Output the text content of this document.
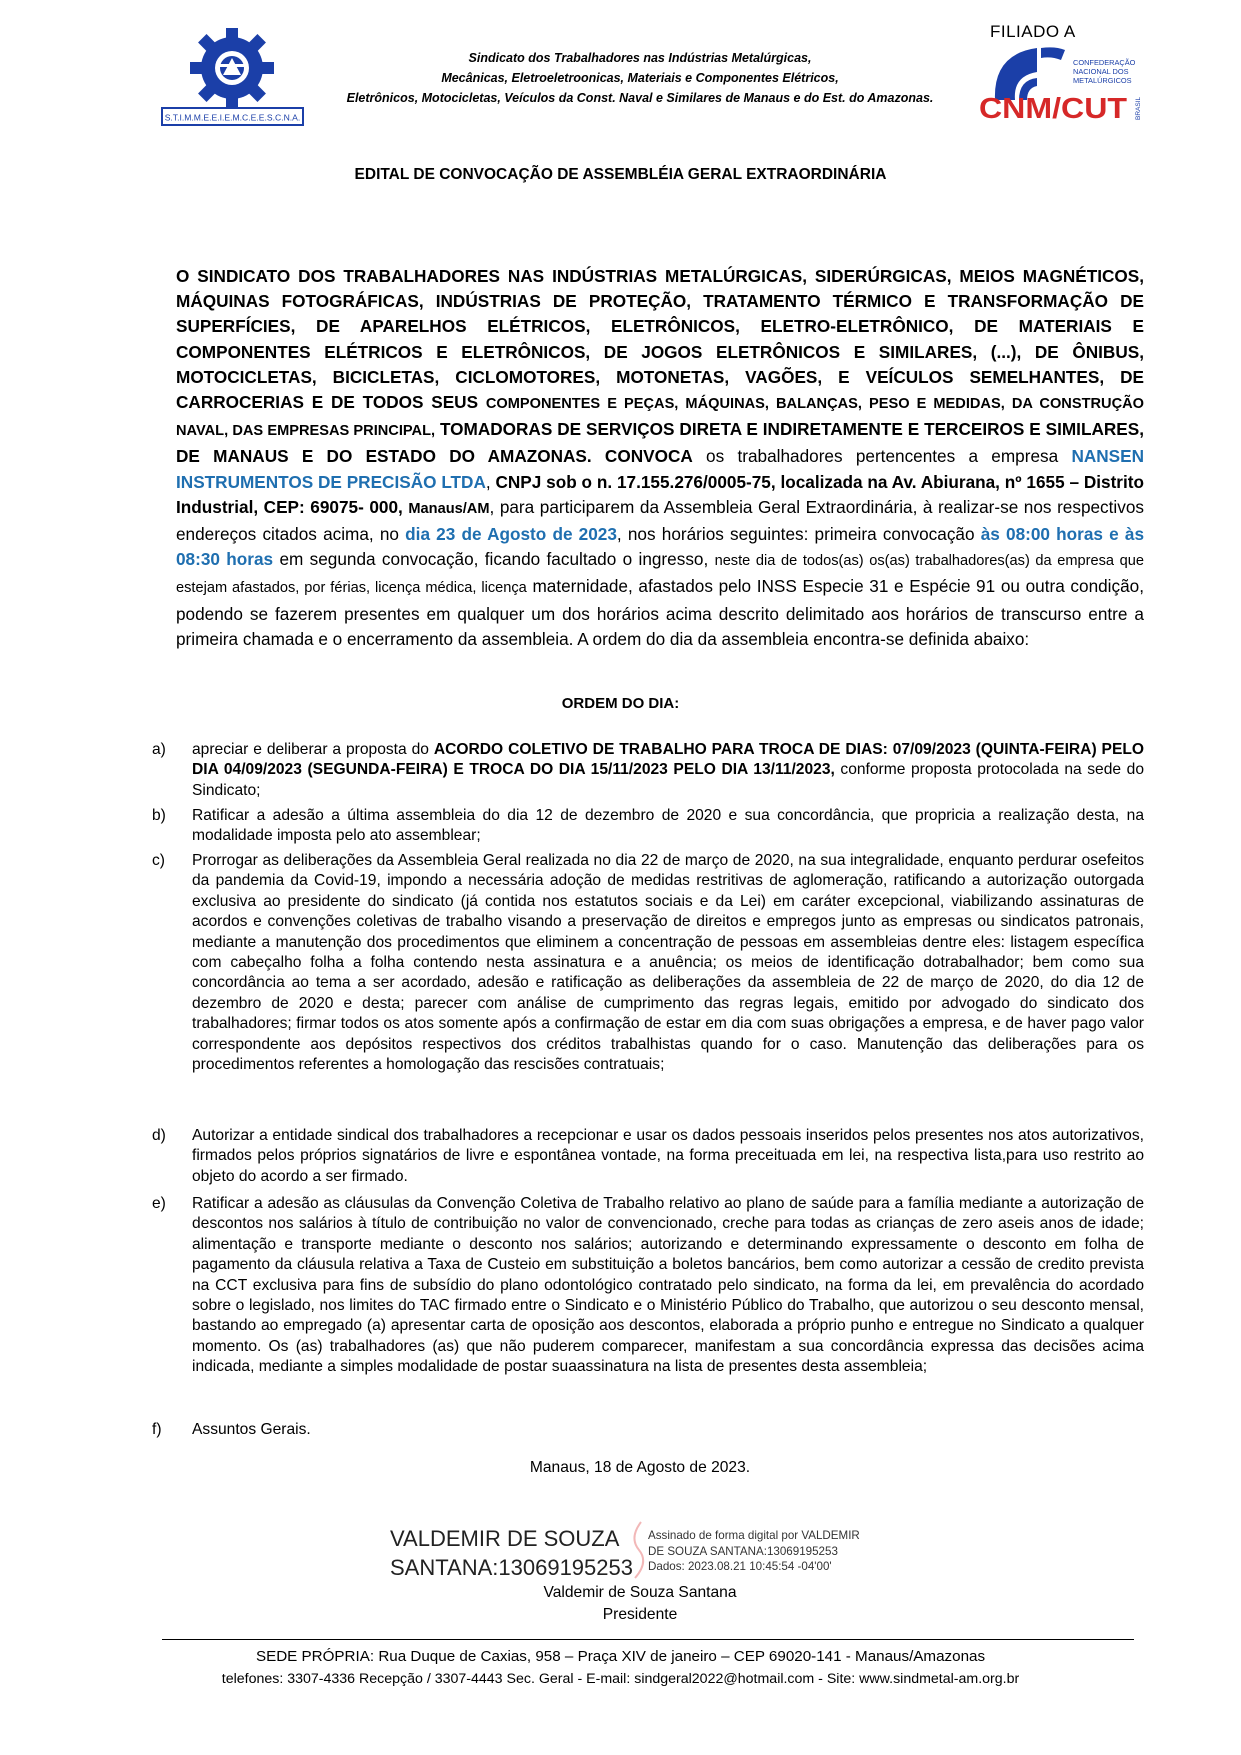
S.T.I.M.M.E.E.I.E.M.C.E.E.S.C.N.A.
Sindicato dos Trabalhadores nas Indústrias Metalúrgicas,
Mecânicas, Eletroeletroonicas, Materiais e Componentes Elétricos,
Eletrônicos, Motociclеtas, Veículos da Const. Naval e Similares de Manaus e do Est. do Amazonas.
FILIADO A
CONFEDERAÇÃO
NACIONAL DOS
METALÚRGICOS
CNM/CUT BRASIL
EDITAL DE CONVOCAÇÃO DE ASSEMBLÉIA GERAL EXTRAORDINÁRIA
O SINDICATO DOS TRABALHADORES NAS INDÚSTRIAS METALÚRGICAS, SIDERÚRGICAS, MEIOS MAGNÉTICOS, MÁQUINAS FOTOGRÁFICAS, INDÚSTRIAS DE PROTEÇÃO, TRATAMENTO TÉRMICO E TRANSFORMAÇÃO DE SUPERFÍCIES, DE APARELHOS ELÉTRICOS, ELETRÔNICOS, ELETRO-ELETRÔNICO, DE MATERIAIS E COMPONENTES ELÉTRICOS E ELETRÔNICOS, DE JOGOS ELETRÔNICOS E SIMILARES, (...), DE ÔNIBUS, MOTOCICLETAS, BICICLETAS, CICLOMOTORES, MOTONETAS, VAGÕES, E VEÍCULOS SEMELHANTES, DE CARROCERIAS E DE TODOS SEUS COMPONENTES E PEÇAS, MÁQUINAS, BALANÇAS, PESO E MEDIDAS, DA CONSTRUÇÃO NAVAL, DAS EMPRESAS PRINCIPAL, TOMADORAS DE SERVIÇOS DIRETA E INDIRETAMENTE E TERCEIROS E SIMILARES, DE MANAUS E DO ESTADO DO AMAZONAS. CONVOCA os trabalhadores pertencentes a empresa NANSEN INSTRUMENTOS DE PRECISÃO LTDA, CNPJ sob o n. 17.155.276/0005-75, localizada na Av. Abiurana, nº 1655 – Distrito Industrial, CEP: 69075- 000, Manaus/AM, para participarem da Assembleia Geral Extraordinária, à realizar-se nos respectivos endereços citados acima, no dia 23 de Agosto de 2023, nos horários seguintes: primeira convocação às 08:00 horas e às 08:30 horas em segunda convocação, ficando facultado o ingresso, neste dia de todos(as) os(as) trabalhadores(as) da empresa que estejam afastados, por férias, licença médica, licença maternidade, afastados pelo INSS Especie 31 e Espécie 91 ou outra condição, podendo se fazerem presentes em qualquer um dos horários acima descrito delimitado aos horários de transcurso entre a primeira chamada e o encerramento da assembleia. A ordem do dia da assembleia encontra-se definida abaixo:
ORDEM DO DIA:
a)	apreciar e deliberar a proposta do ACORDO COLETIVO DE TRABALHO PARA TROCA DE DIAS: 07/09/2023 (QUINTA-FEIRA) PELO DIA 04/09/2023 (SEGUNDA-FEIRA) E TROCA DO DIA 15/11/2023 PELO DIA 13/11/2023, conforme proposta protocolada na sede do Sindicato;
b)	Ratificar a adesão a última assembleia do dia 12 de dezembro de 2020 e sua concordância, que propricia a realização desta, na modalidade imposta pelo ato assemblear;
c)	Prorrogar as deliberações da Assembleia Geral realizada no dia 22 de março de 2020, na sua integralidade, enquanto perdurar osefeitos da pandemia da Covid-19, impondo a necessária adoção de medidas restritivas de aglomeração, ratificando a autorização outorgada exclusiva ao presidente do sindicato (já contida nos estatutos sociais e da Lei) em caráter excepcional, viabilizando assinaturas de acordos e convenções coletivas de trabalho visando a preservação de direitos e empregos junto as empresas ou sindicatos patronais, mediante a manutenção dos procedimentos que eliminem a concentração de pessoas em assembleias dentre eles: listagem específica com cabeçalho folha a folha contendo nesta assinatura e a anuência; os meios de identificação dotrabalhador; bem como sua concordância ao tema a ser acordado, adesão e ratificação as deliberações da assembleia de 22 de março de 2020, do dia 12 de dezembro de 2020 e desta; parecer com análise de cumprimento das regras legais, emitido por advogado do sindicato dos trabalhadores; firmar todos os atos somente após a confirmação de estar em dia com suas obrigações a empresa, e de haver pago valor correspondente aos depósitos respectivos dos créditos trabalhistas quando for o caso. Manutenção das deliberações para os procedimentos referentes a homologação das rescisões contratuais;
d)	Autorizar a entidade sindical dos trabalhadores a recepcionar e usar os dados pessoais inseridos pelos presentes nos atos autorizativos, firmados pelos próprios signatários de livre e espontânea vontade, na forma preceituada em lei, na respectiva lista,para uso restrito ao objeto do acordo a ser firmado.
e)	Ratificar a adesão as cláusulas da Convenção Coletiva de Trabalho relativo ao plano de saúde para a família mediante a autorização de descontos nos salários à título de contribuição no valor de convencionado, creche para todas as crianças de zero aseis anos de idade; alimentação e transporte mediante o desconto nos salários; autorizando e determinando expressamente o desconto em folha de pagamento da cláusula relativa a Taxa de Custeio em substituição a boletos bancários, bem como autorizar a cessão de credito prevista na CCT exclusiva para fins de subsídio do plano odontológico contratado pelo sindicato, na forma da lei, em prevalência do acordado sobre o legislado, nos limites do TAC firmado entre o Sindicato e o Ministério Público do Trabalho, que autorizou o seu desconto mensal, bastando ao empregado (a) apresentar carta de oposição aos descontos, elaborada a próprio punho e entregue no Sindicato a qualquer momento. Os (as) trabalhadores (as) que não puderem comparecer, manifestam a sua concordância expressa das decisões acima indicada, mediante a simples modalidade de postar suaassinatura na lista de presentes desta assembleia;
f)	Assuntos Gerais.
Manaus, 18 de Agosto de 2023.
VALDEMIR DE SOUZA
SANTANA:13069195253
Assinado de forma digital por VALDEMIR
DE SOUZA SANTANA:13069195253
Dados: 2023.08.21 10:45:54 -04'00'
Valdemir de Souza Santana
Presidente
SEDE PRÓPRIA: Rua Duque de Caxias, 958 – Praça XIV de janeiro – CEP 69020-141 - Manaus/Amazonas
telefones: 3307-4336 Recepção / 3307-4443 Sec. Geral - E-mail: sindgeral2022@hotmail.com - Site: www.sindmetal-am.org.br
